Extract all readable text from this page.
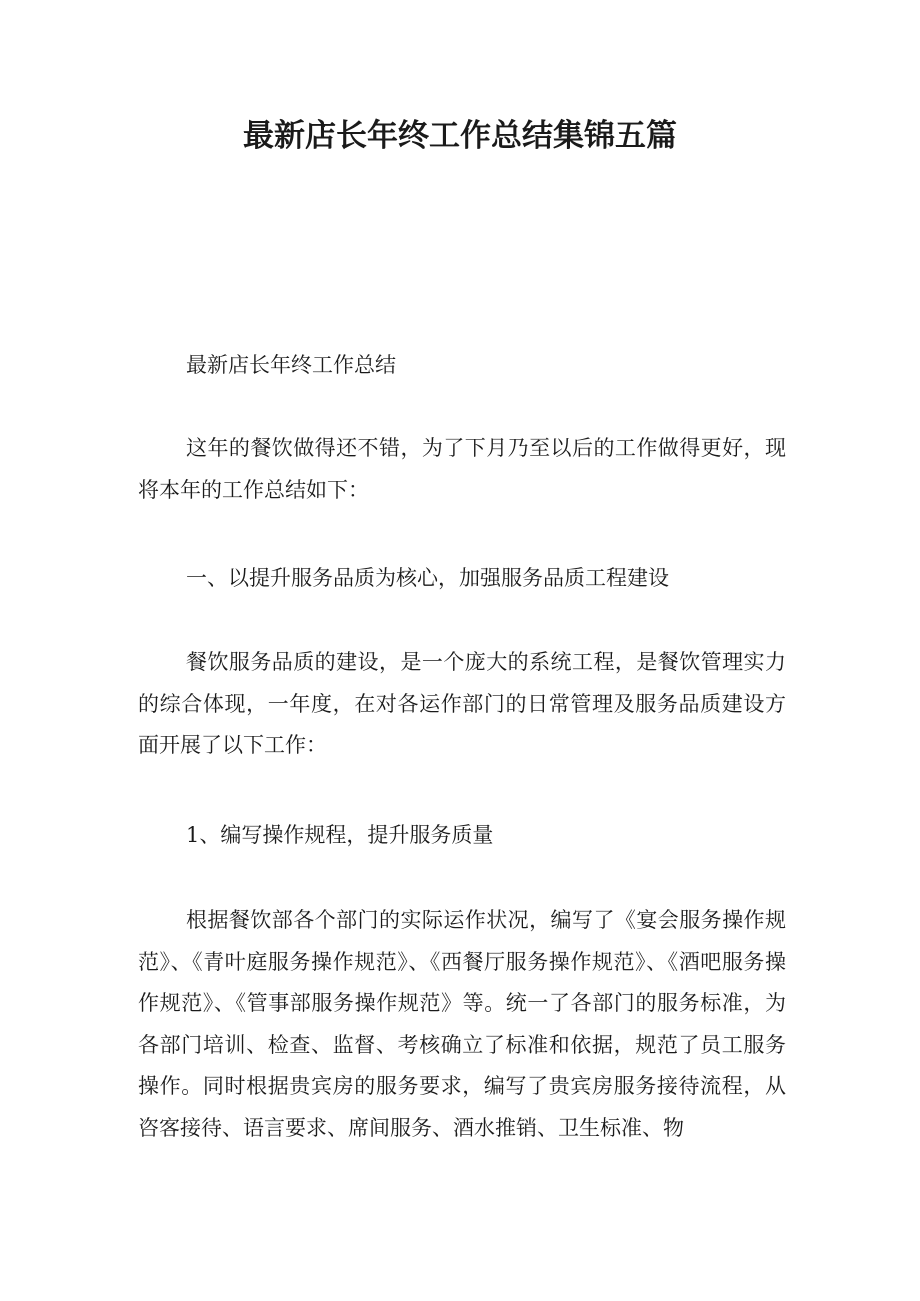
最新店长年终工作总结集锦五篇

最新店长年终工作总结

这年的餐饮做得还不错，为了下月乃至以后的工作做得更好，现将本年的工作总结如下：

一、以提升服务品质为核心，加强服务品质工程建设

餐饮服务品质的建设，是一个庞大的系统工程，是餐饮管理实力的综合体现，一年度，在对各运作部门的日常管理及服务品质建设方面开展了以下工作：

1、编写操作规程，提升服务质量

根据餐饮部各个部门的实际运作状况，编写了《宴会服务操作规范》、《青叶庭服务操作规范》、《西餐厅服务操作规范》、《酒吧服务操作规范》、《管事部服务操作规范》等。统一了各部门的服务标准，为各部门培训、检查、监督、考核确立了标准和依据，规范了员工服务操作。同时根据贵宾房的服务要求，编写了贵宾房服务接待流程，从咨客接待、语言要求、席间服务、酒水推销、卫生标准、物
